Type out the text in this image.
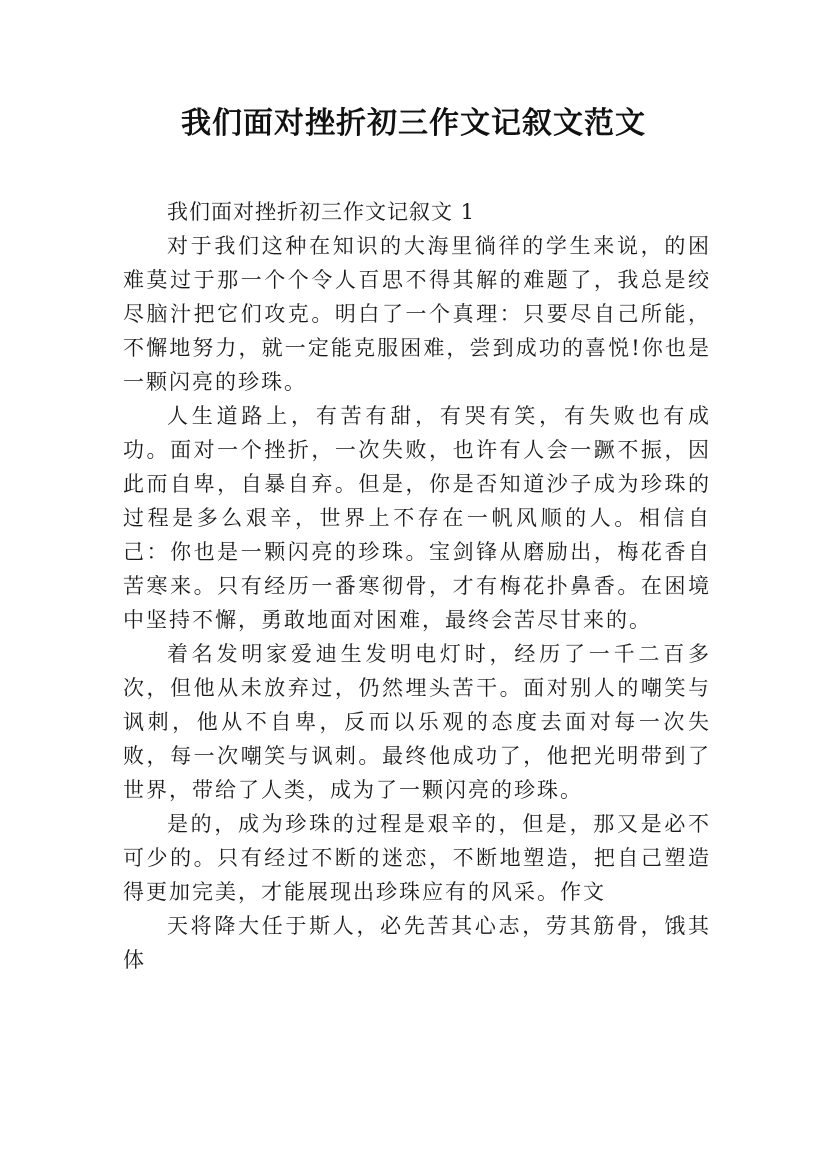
我们面对挫折初三作文记叙文范文
我们面对挫折初三作文记叙文 1

对于我们这种在知识的大海里徜徉的学生来说，的困难莫过于那一个个令人百思不得其解的难题了，我总是绞尽脑汁把它们攻克。明白了一个真理：只要尽自己所能，不懈地努力，就一定能克服困难，尝到成功的喜悦!你也是一颗闪亮的珍珠。

人生道路上，有苦有甜，有哭有笑，有失败也有成功。面对一个挫折，一次失败，也许有人会一蹶不振，因此而自卑，自暴自弃。但是，你是否知道沙子成为珍珠的过程是多么艰辛，世界上不存在一帆风顺的人。相信自己：你也是一颗闪亮的珍珠。宝剑锋从磨励出，梅花香自苦寒来。只有经历一番寒彻骨，才有梅花扑鼻香。在困境中坚持不懈，勇敢地面对困难，最终会苦尽甘来的。

着名发明家爱迪生发明电灯时，经历了一千二百多次，但他从未放弃过，仍然埋头苦干。面对别人的嘲笑与讽刺，他从不自卑，反而以乐观的态度去面对每一次失败，每一次嘲笑与讽刺。最终他成功了，他把光明带到了世界，带给了人类，成为了一颗闪亮的珍珠。

是的，成为珍珠的过程是艰辛的，但是，那又是必不可少的。只有经过不断的迷恋，不断地塑造，把自己塑造得更加完美，才能展现出珍珠应有的风采。作文

天将降大任于斯人，必先苦其心志，劳其筋骨，饿其体
